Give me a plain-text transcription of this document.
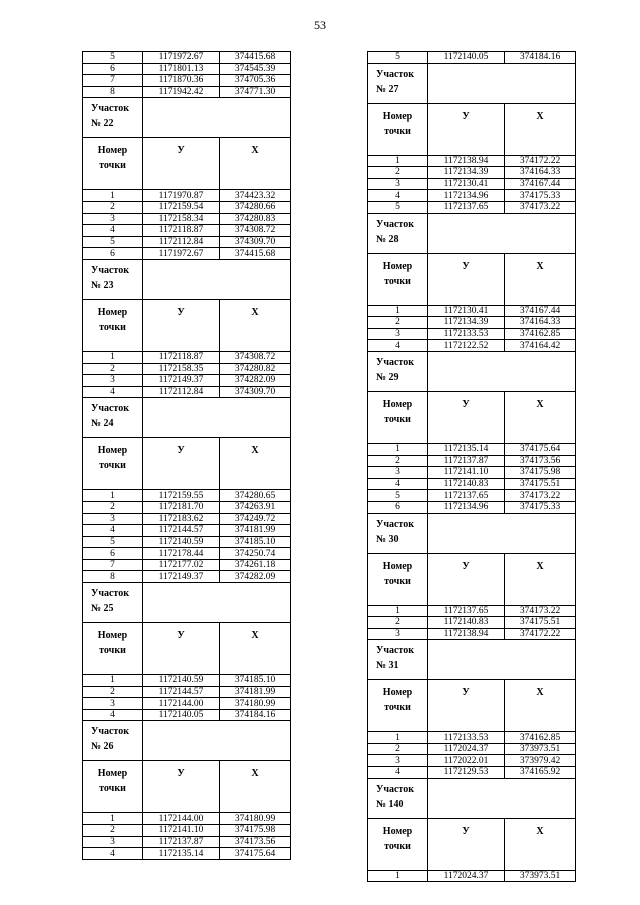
53
5	1171972.67	374415.68
6	1171801.13	374545.39
7	1171870.36	374705.36
8	1171942.42	374771.30

Участок
№ 22		

Номер
точки	У	Х
1	1171970.87	374423.32
2	1172159.54	374280.66
3	1172158.34	374280.83
4	1172118.87	374308.72
5	1172112.84	374309.70
6	1171972.67	374415.68

Участок
№ 23		

Номер
точки	У	Х
1	1172118.87	374308.72
2	1172158.35	374280.82
3	1172149.37	374282.09
4	1172112.84	374309.70

Участок
№ 24		

Номер
точки	У	Х
1	1172159.55	374280.65
2	1172181.70	374263.91
3	1172183.62	374249.72
4	1172144.57	374181.99
5	1172140.59	374185.10
6	1172178.44	374250.74
7	1172177.02	374261.18
8	1172149.37	374282.09

Участок
№ 25		

Номер
точки	У	Х
1	1172140.59	374185.10
2	1172144.57	374181.99
3	1172144.00	374180.99
4	1172140.05	374184.16

Участок
№ 26		

Номер
точки	У	Х
1	1172144.00	374180.99
2	1172141.10	374175.98
3	1172137.87	374173.56
4	1172135.14	374175.64
5	1172140.05	374184.16

Участок
№ 27		

Номер
точки	У	Х
1	1172138.94	374172.22
2	1172134.39	374164.33
3	1172130.41	374167.44
4	1172134.96	374175.33
5	1172137.65	374173.22

Участок
№ 28		

Номер
точки	У	Х
1	1172130.41	374167.44
2	1172134.39	374164.33
3	1172133.53	374162.85
4	1172122.52	374164.42

Участок
№ 29		

Номер
точки	У	Х
1	1172135.14	374175.64
2	1172137.87	374173.56
3	1172141.10	374175.98
4	1172140.83	374175.51
5	1172137.65	374173.22
6	1172134.96	374175.33

Участок
№ 30		

Номер
точки	У	Х
1	1172137.65	374173.22
2	1172140.83	374175.51
3	1172138.94	374172.22

Участок
№ 31		

Номер
точки	У	Х
1	1172133.53	374162.85
2	1172024.37	373973.51
3	1172022.01	373979.42
4	1172129.53	374165.92

Участок
№ 140		

Номер
точки	У	Х
1	1172024.37	373973.51
